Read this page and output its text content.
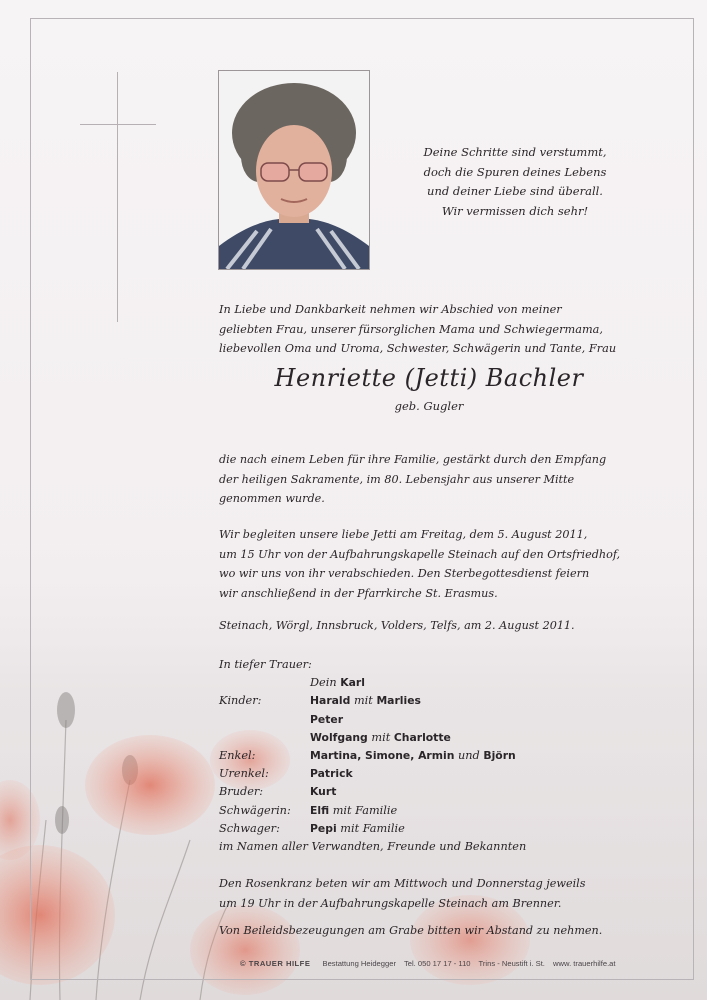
Deine Schritte sind verstummt,
doch die Spuren deines Lebens
und deiner Liebe sind überall.
Wir vermissen dich sehr!
In Liebe und Dankbarkeit nehmen wir Abschied von meiner
geliebten Frau, unserer fürsorglichen Mama und Schwiegermama,
liebevollen Oma und Uroma, Schwester, Schwägerin und Tante, Frau
Henriette (Jetti) Bachler
geb. Gugler
die nach einem Leben für ihre Familie, gestärkt durch den Empfang
der heiligen Sakramente, im 80. Lebensjahr aus unserer Mitte
genommen wurde.
Wir begleiten unsere liebe Jetti am Freitag, dem 5. August 2011,
um 15 Uhr von der Aufbahrungskapelle Steinach auf den Ortsfriedhof,
wo wir uns von ihr verabschieden. Den Sterbegottesdienst feiern
wir anschließend in der Pfarrkirche St. Erasmus.
Steinach, Wörgl, Innsbruck, Volders, Telfs, am 2. August 2011.
In tiefer Trauer:
Dein Karl
Kinder:	Harald mit Marlies
Peter
Wolfgang mit Charlotte
Enkel:	Martina, Simone, Armin und Björn
Urenkel:	Patrick
Bruder:	Kurt
Schwägerin: Elfi mit Familie
Schwager:	Pepi mit Familie
im Namen aller Verwandten, Freunde und Bekannten
Den Rosenkranz beten wir am Mittwoch und Donnerstag jeweils
um 19 Uhr in der Aufbahrungskapelle Steinach am Brenner.
Von Beileidsbezeugungen am Grabe bitten wir Abstand zu nehmen.
© TRAUER HILFE Bestattung Heidegger Tel. 050 17 17 - 110 Trins - Neustift i. St. www. trauerhilfe.at
